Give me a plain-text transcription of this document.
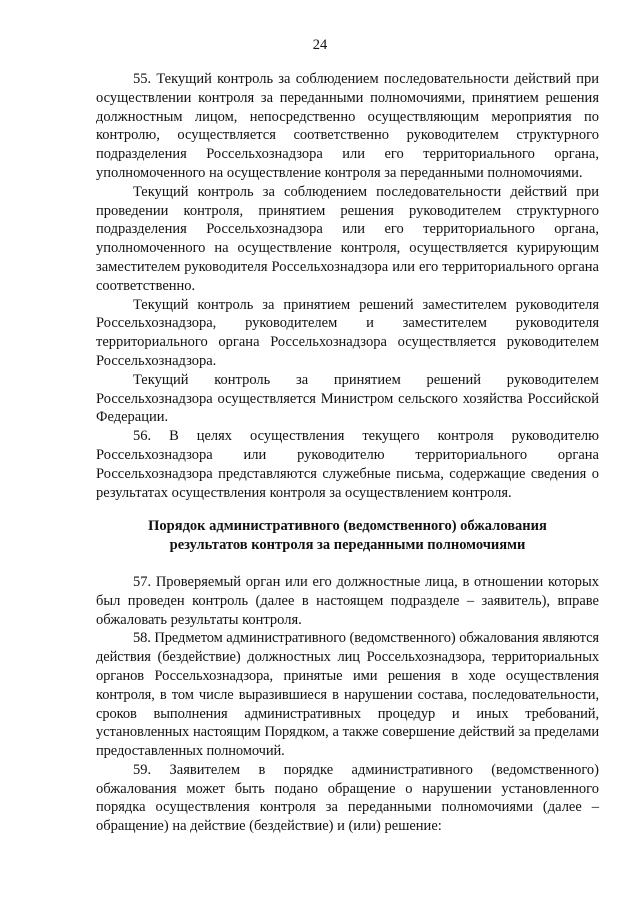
24

55. Текущий контроль за соблюдением последовательности действий при осуществлении контроля за переданными полномочиями, принятием решения должностным лицом, непосредственно осуществляющим мероприятия по контролю, осуществляется соответственно руководителем структурного подразделения Россельхознадзора или его территориального органа, уполномоченного на осуществление контроля за переданными полномочиями.

Текущий контроль за соблюдением последовательности действий при проведении контроля, принятием решения руководителем структурного подразделения Россельхознадзора или его территориального органа, уполномоченного на осуществление контроля, осуществляется курирующим заместителем руководителя Россельхознадзора или его территориального органа соответственно.

Текущий контроль за принятием решений заместителем руководителя Россельхознадзора, руководителем и заместителем руководителя территориального органа Россельхознадзора осуществляется руководителем Россельхознадзора.

Текущий контроль за принятием решений руководителем Россельхознадзора осуществляется Министром сельского хозяйства Российской Федерации.

56. В целях осуществления текущего контроля руководителю Россельхознадзора или руководителю территориального органа Россельхознадзора представляются служебные письма, содержащие сведения о результатах осуществления контроля за осуществлением контроля.

Порядок административного (ведомственного) обжалования
результатов контроля за переданными полномочиями

57. Проверяемый орган или его должностные лица, в отношении которых был проведен контроль (далее в настоящем подразделе – заявитель), вправе обжаловать результаты контроля.

58. Предметом административного (ведомственного) обжалования являются действия (бездействие) должностных лиц Россельхознадзора, территориальных органов Россельхознадзора, принятые ими решения в ходе осуществления контроля, в том числе выразившиеся в нарушении состава, последовательности, сроков выполнения административных процедур и иных требований, установленных настоящим Порядком, а также совершение действий за пределами предоставленных полномочий.

59. Заявителем в порядке административного (ведомственного) обжалования может быть подано обращение о нарушении установленного порядка осуществления контроля за переданными полномочиями (далее – обращение) на действие (бездействие) и (или) решение:
